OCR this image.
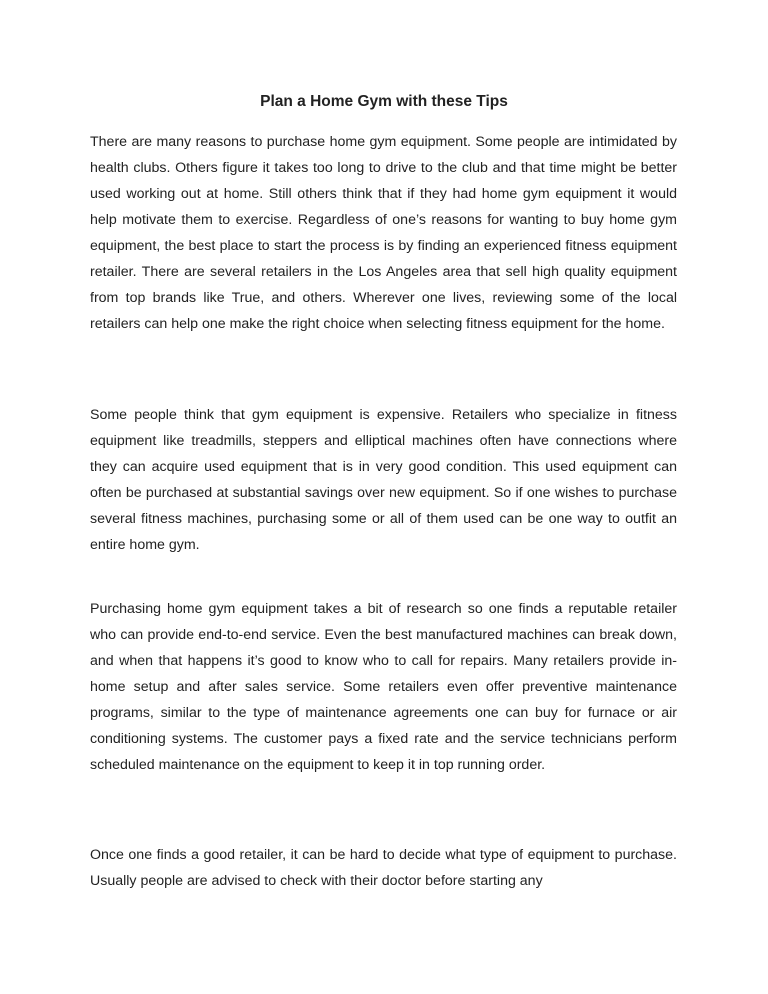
Plan a Home Gym with these Tips

There are many reasons to purchase home gym equipment. Some people are intimidated by health clubs. Others figure it takes too long to drive to the club and that time might be better used working out at home. Still others think that if they had home gym equipment it would help motivate them to exercise. Regardless of one’s reasons for wanting to buy home gym equipment, the best place to start the process is by finding an experienced fitness equipment retailer. There are several retailers in the Los Angeles area that sell high quality equipment from top brands like True, and others. Wherever one lives, reviewing some of the local retailers can help one make the right choice when selecting fitness equipment for the home.

Some people think that gym equipment is expensive. Retailers who specialize in fitness equipment like treadmills, steppers and elliptical machines often have connections where they can acquire used equipment that is in very good condition. This used equipment can often be purchased at substantial savings over new equipment. So if one wishes to purchase several fitness machines, purchasing some or all of them used can be one way to outfit an entire home gym.

Purchasing home gym equipment takes a bit of research so one finds a reputable retailer who can provide end-to-end service. Even the best manufactured machines can break down, and when that happens it’s good to know who to call for repairs. Many retailers provide in-home setup and after sales service. Some retailers even offer preventive maintenance programs, similar to the type of maintenance agreements one can buy for furnace or air conditioning systems. The customer pays a fixed rate and the service technicians perform scheduled maintenance on the equipment to keep it in top running order.

Once one finds a good retailer, it can be hard to decide what type of equipment to purchase. Usually people are advised to check with their doctor before starting any
